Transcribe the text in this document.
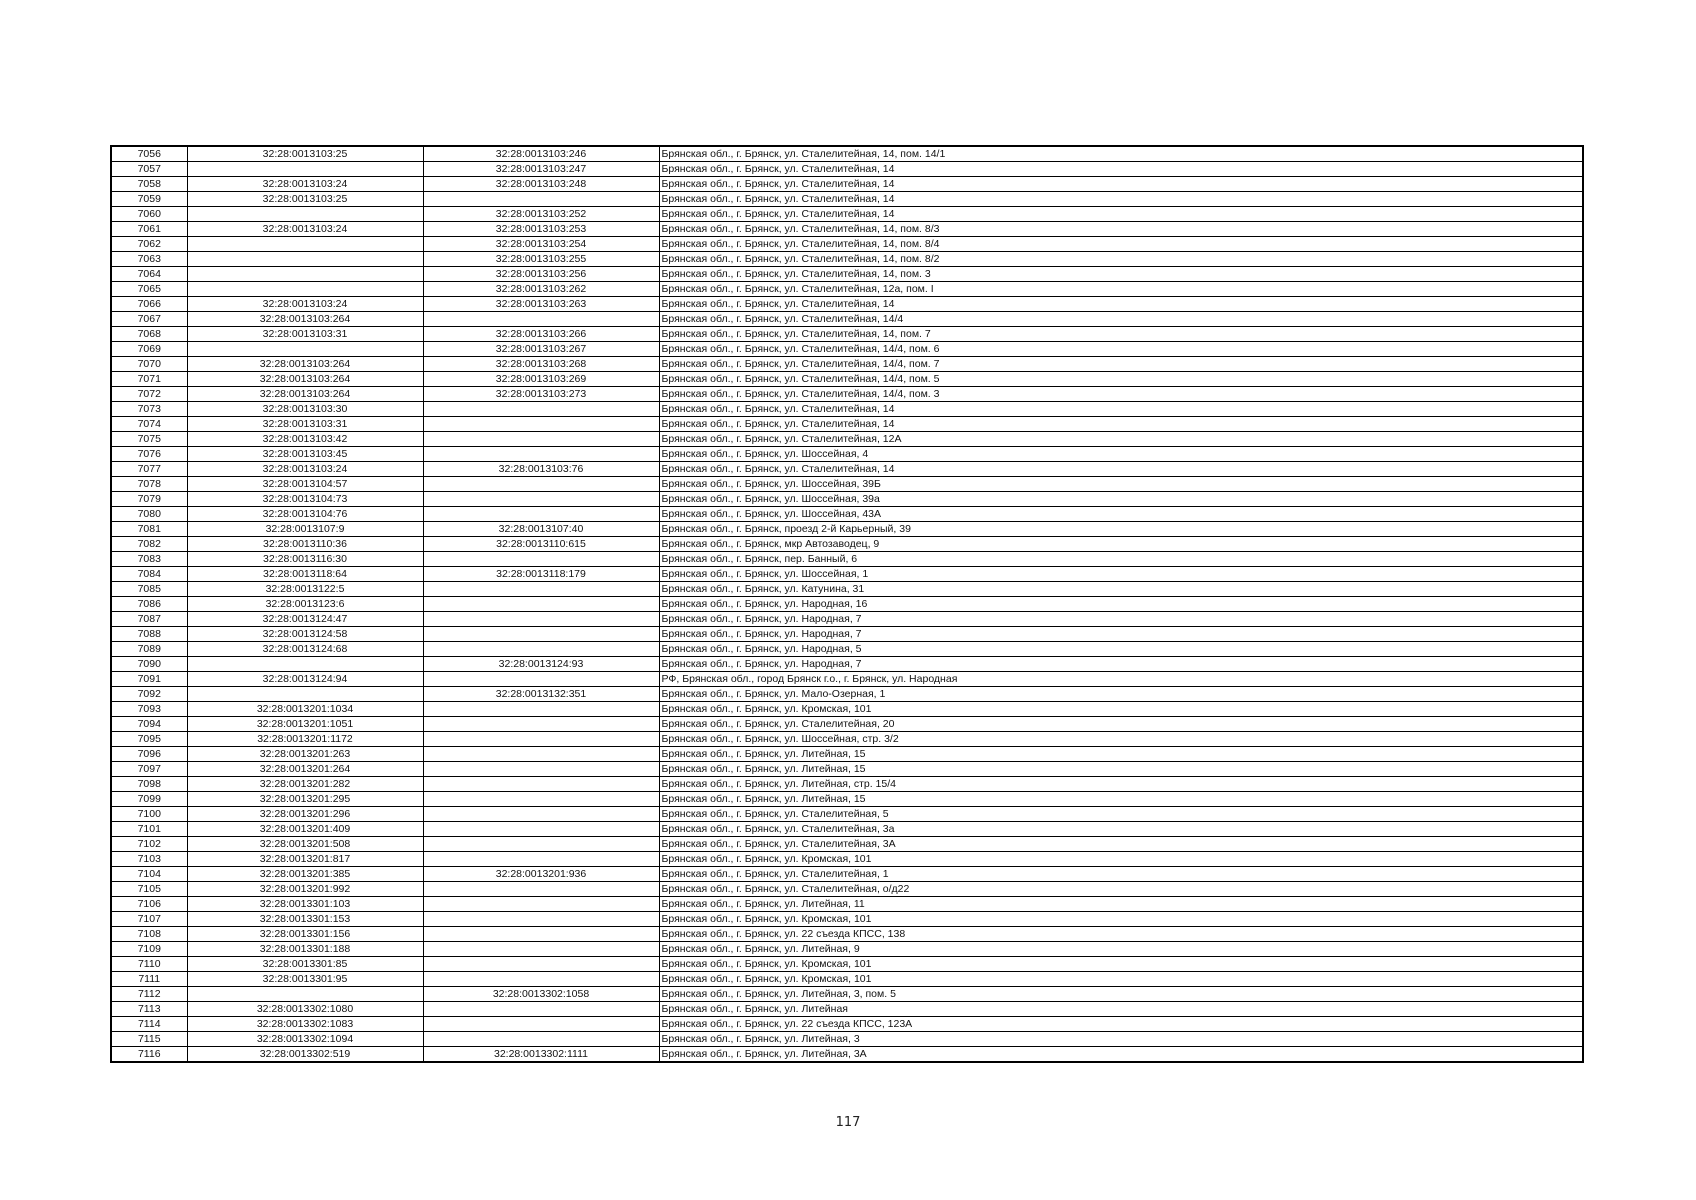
7056	32:28:0013103:25	32:28:0013103:246	Брянская обл., г. Брянск, ул. Сталелитейная, 14, пом. 14/1
7057		32:28:0013103:247	Брянская обл., г. Брянск, ул. Сталелитейная, 14
7058	32:28:0013103:24	32:28:0013103:248	Брянская обл., г. Брянск, ул. Сталелитейная, 14
7059	32:28:0013103:25		Брянская обл., г. Брянск, ул. Сталелитейная, 14
7060		32:28:0013103:252	Брянская обл., г. Брянск, ул. Сталелитейная, 14
7061	32:28:0013103:24	32:28:0013103:253	Брянская обл., г. Брянск, ул. Сталелитейная, 14, пом. 8/3
7062		32:28:0013103:254	Брянская обл., г. Брянск, ул. Сталелитейная, 14, пом. 8/4
7063		32:28:0013103:255	Брянская обл., г. Брянск, ул. Сталелитейная, 14, пом. 8/2
7064		32:28:0013103:256	Брянская обл., г. Брянск, ул. Сталелитейная, 14, пом. 3
7065		32:28:0013103:262	Брянская обл., г. Брянск, ул. Сталелитейная, 12а, пом. I
7066	32:28:0013103:24	32:28:0013103:263	Брянская обл., г. Брянск, ул. Сталелитейная, 14
7067	32:28:0013103:264		Брянская обл., г. Брянск, ул. Сталелитейная, 14/4
7068	32:28:0013103:31	32:28:0013103:266	Брянская обл., г. Брянск, ул. Сталелитейная, 14, пом. 7
7069		32:28:0013103:267	Брянская обл., г. Брянск, ул. Сталелитейная, 14/4, пом. 6
7070	32:28:0013103:264	32:28:0013103:268	Брянская обл., г. Брянск, ул. Сталелитейная, 14/4, пом. 7
7071	32:28:0013103:264	32:28:0013103:269	Брянская обл., г. Брянск, ул. Сталелитейная, 14/4, пом. 5
7072	32:28:0013103:264	32:28:0013103:273	Брянская обл., г. Брянск, ул. Сталелитейная, 14/4, пом. 3
7073	32:28:0013103:30		Брянская обл., г. Брянск, ул. Сталелитейная, 14
7074	32:28:0013103:31		Брянская обл., г. Брянск, ул. Сталелитейная, 14
7075	32:28:0013103:42		Брянская обл., г. Брянск, ул. Сталелитейная, 12А
7076	32:28:0013103:45		Брянская обл., г. Брянск, ул. Шоссейная, 4
7077	32:28:0013103:24	32:28:0013103:76	Брянская обл., г. Брянск, ул. Сталелитейная, 14
7078	32:28:0013104:57		Брянская обл., г. Брянск, ул. Шоссейная, 39Б
7079	32:28:0013104:73		Брянская обл., г. Брянск, ул. Шоссейная, 39а
7080	32:28:0013104:76		Брянская обл., г. Брянск, ул. Шоссейная, 43А
7081	32:28:0013107:9	32:28:0013107:40	Брянская обл., г. Брянск, проезд 2-й Карьерный, 39
7082	32:28:0013110:36	32:28:0013110:615	Брянская обл., г. Брянск, мкр Автозаводец, 9
7083	32:28:0013116:30		Брянская обл., г. Брянск, пер. Банный, 6
7084	32:28:0013118:64	32:28:0013118:179	Брянская обл., г. Брянск, ул. Шоссейная, 1
7085	32:28:0013122:5		Брянская обл., г. Брянск, ул. Катунина, 31
7086	32:28:0013123:6		Брянская обл., г. Брянск, ул. Народная, 16
7087	32:28:0013124:47		Брянская обл., г. Брянск, ул. Народная, 7
7088	32:28:0013124:58		Брянская обл., г. Брянск, ул. Народная, 7
7089	32:28:0013124:68		Брянская обл., г. Брянск, ул. Народная, 5
7090		32:28:0013124:93	Брянская обл., г. Брянск, ул. Народная, 7
7091	32:28:0013124:94		РФ, Брянская обл., город Брянск г.о., г. Брянск, ул. Народная
7092		32:28:0013132:351	Брянская обл., г. Брянск, ул. Мало-Озерная, 1
7093	32:28:0013201:1034		Брянская обл., г. Брянск, ул. Кромская, 101
7094	32:28:0013201:1051		Брянская обл., г. Брянск, ул. Сталелитейная, 20
7095	32:28:0013201:1172		Брянская обл., г. Брянск, ул. Шоссейная, стр. 3/2
7096	32:28:0013201:263		Брянская обл., г. Брянск, ул. Литейная, 15
7097	32:28:0013201:264		Брянская обл., г. Брянск, ул. Литейная, 15
7098	32:28:0013201:282		Брянская обл., г. Брянск, ул. Литейная, стр. 15/4
7099	32:28:0013201:295		Брянская обл., г. Брянск, ул. Литейная, 15
7100	32:28:0013201:296		Брянская обл., г. Брянск, ул. Сталелитейная, 5
7101	32:28:0013201:409		Брянская обл., г. Брянск, ул. Сталелитейная, 3а
7102	32:28:0013201:508		Брянская обл., г. Брянск, ул. Сталелитейная, 3А
7103	32:28:0013201:817		Брянская обл., г. Брянск, ул. Кромская, 101
7104	32:28:0013201:385	32:28:0013201:936	Брянская обл., г. Брянск, ул. Сталелитейная, 1
7105	32:28:0013201:992		Брянская обл., г. Брянск, ул. Сталелитейная, о/д22
7106	32:28:0013301:103		Брянская обл., г. Брянск, ул. Литейная, 11
7107	32:28:0013301:153		Брянская обл., г. Брянск, ул. Кромская, 101
7108	32:28:0013301:156		Брянская обл., г. Брянск, ул. 22 съезда КПСС, 138
7109	32:28:0013301:188		Брянская обл., г. Брянск, ул. Литейная, 9
7110	32:28:0013301:85		Брянская обл., г. Брянск, ул. Кромская, 101
7111	32:28:0013301:95		Брянская обл., г. Брянск, ул. Кромская, 101
7112		32:28:0013302:1058	Брянская обл., г. Брянск, ул. Литейная, 3, пом. 5
7113	32:28:0013302:1080		Брянская обл., г. Брянск, ул. Литейная
7114	32:28:0013302:1083		Брянская обл., г. Брянск, ул. 22 съезда КПСС, 123А
7115	32:28:0013302:1094		Брянская обл., г. Брянск, ул. Литейная, 3
7116	32:28:0013302:519	32:28:0013302:1111	Брянская обл., г. Брянск, ул. Литейная, 3А
117
